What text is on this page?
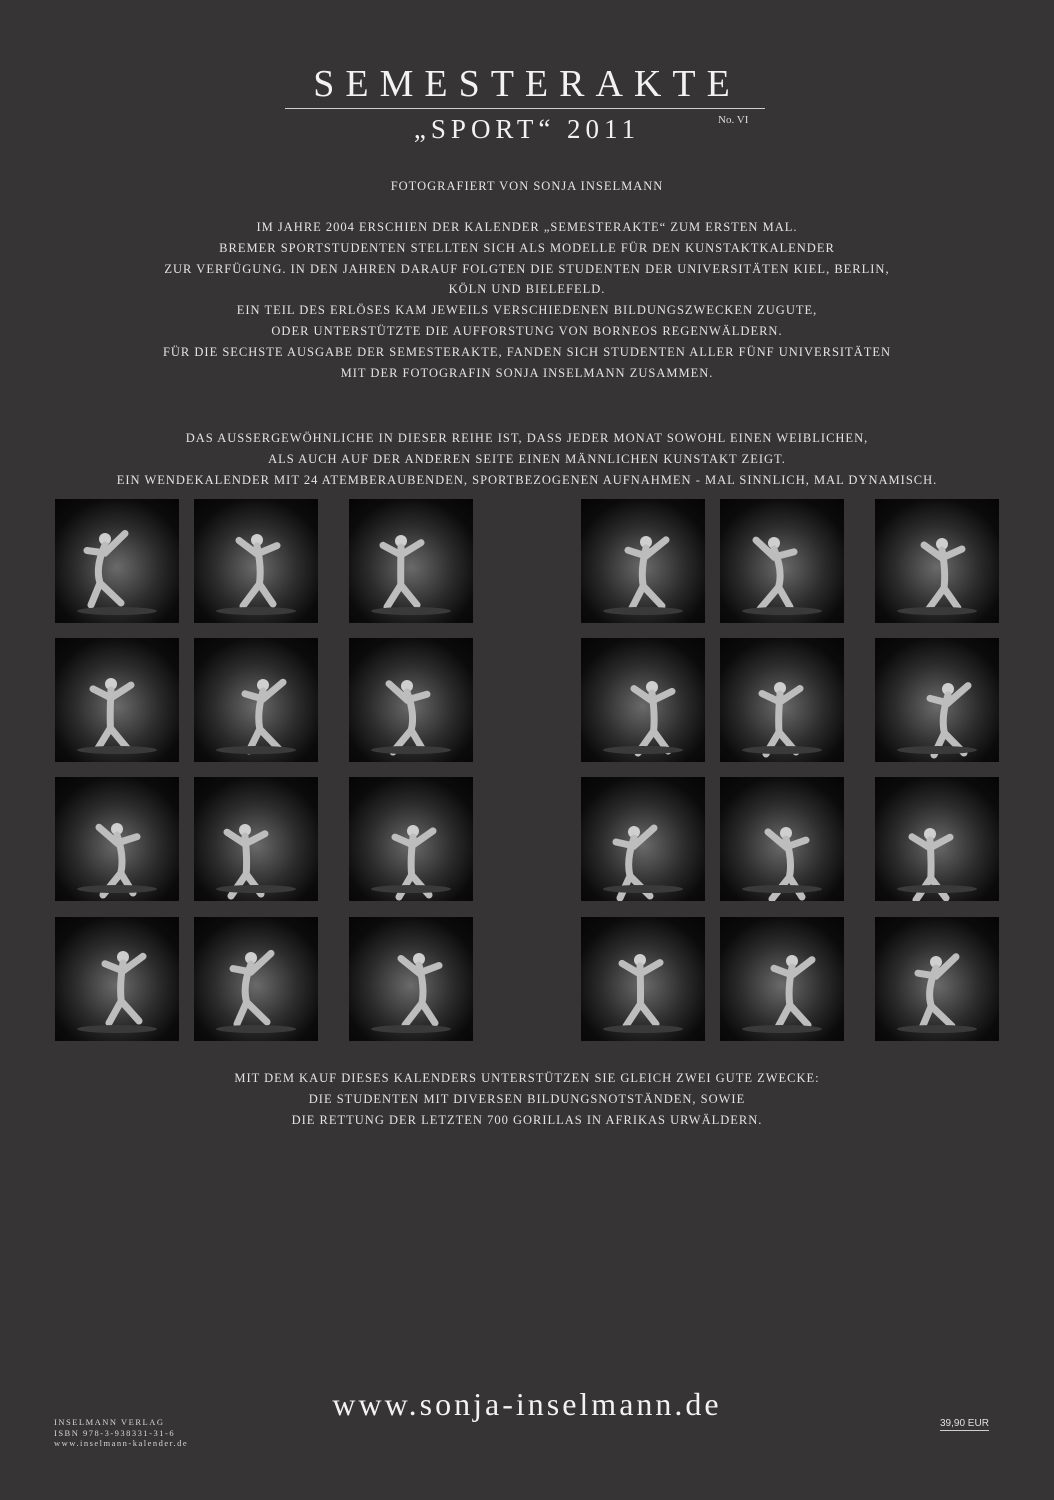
SEMESTERAKTE
„SPORT“ 2011	No. VI
FOTOGRAFIERT VON SONJA INSELMANN
IM JAHRE 2004 ERSCHIEN DER KALENDER „SEMESTERAKTE“ ZUM ERSTEN MAL.
BREMER SPORTSTUDENTEN STELLTEN SICH ALS MODELLE FÜR DEN KUNSTAKTKALENDER
ZUR VERFÜGUNG. IN DEN JAHREN DARAUF FOLGTEN DIE STUDENTEN DER UNIVERSITÄTEN KIEL, BERLIN,
KÖLN UND BIELEFELD.
EIN TEIL DES ERLÖSES KAM JEWEILS VERSCHIEDENEN BILDUNGSZWECKEN ZUGUTE,
ODER UNTERSTÜTZTE DIE AUFFORSTUNG VON BORNEOS REGENWÄLDERN.
FÜR DIE SECHSTE AUSGABE DER SEMESTERAKTE, FANDEN SICH STUDENTEN ALLER FÜNF UNIVERSITÄTEN
MIT DER FOTOGRAFIN SONJA INSELMANN ZUSAMMEN.
DAS AUSSERGEWÖHNLICHE IN DIESER REIHE IST, DASS JEDER MONAT SOWOHL EINEN WEIBLICHEN,
ALS AUCH AUF DER ANDEREN SEITE EINEN MÄNNLICHEN KUNSTAKT ZEIGT.
EIN WENDEKALENDER MIT 24 ATEMBERAUBENDEN, SPORTBEZOGENEN AUFNAHMEN - MAL SINNLICH, MAL DYNAMISCH.
MIT DEM KAUF DIESES KALENDERS UNTERSTÜTZEN SIE GLEICH ZWEI GUTE ZWECKE:
DIE STUDENTEN MIT DIVERSEN BILDUNGSNOTSTÄNDEN, SOWIE
DIE RETTUNG DER LETZTEN 700 GORILLAS IN AFRIKAS URWÄLDERN.
www.sonja-inselmann.de
INSELMANN VERLAG
ISBN 978-3-938331-31-6
www.inselmann-kalender.de
39,90 EUR
